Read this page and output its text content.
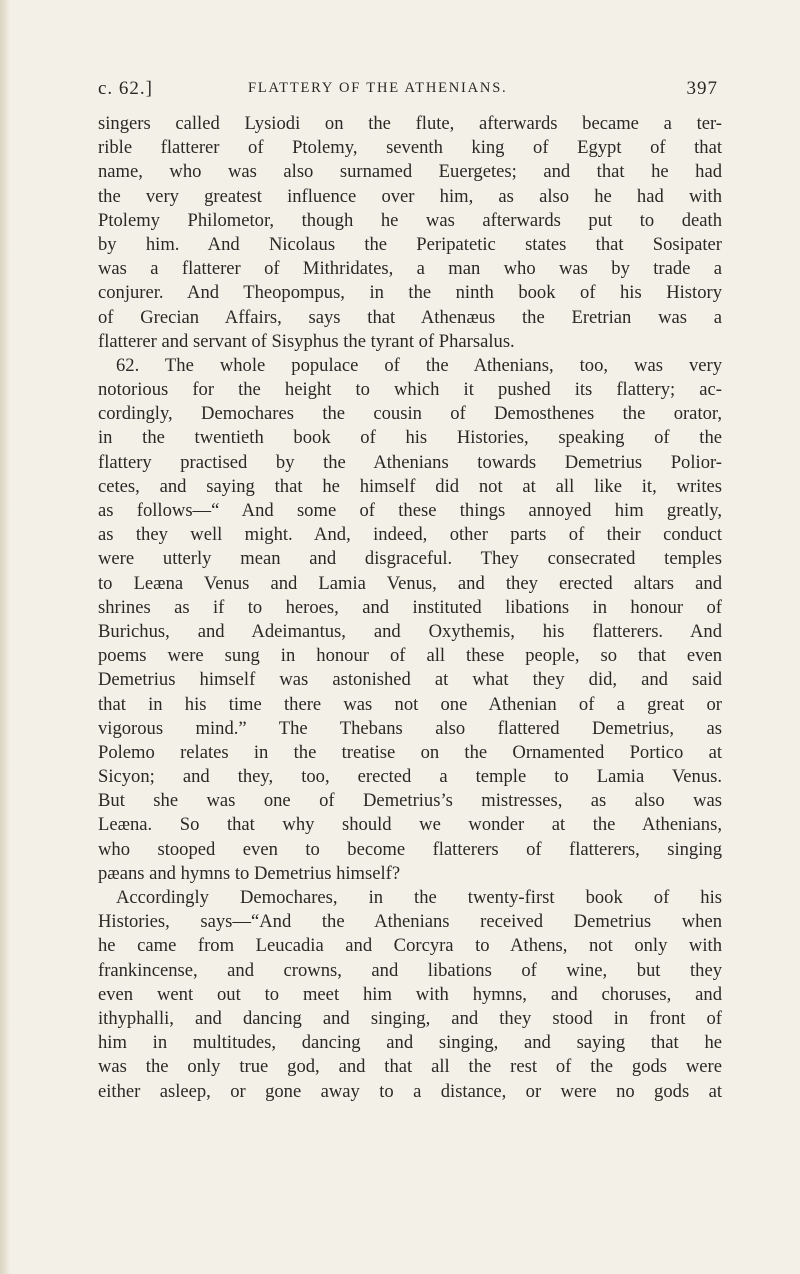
c. 62.]	FLATTERY OF THE ATHENIANS.	397
singers called Lysiodi on the flute, afterwards became a ter-
rible flatterer of Ptolemy, seventh king of Egypt of that
name, who was also surnamed Euergetes; and that he had
the very greatest influence over him, as also he had with
Ptolemy Philometor, though he was afterwards put to death
by him. And Nicolaus the Peripatetic states that Sosipater
was a flatterer of Mithridates, a man who was by trade a
conjurer. And Theopompus, in the ninth book of his History
of Grecian Affairs, says that Athenæus the Eretrian was a
flatterer and servant of Sisyphus the tyrant of Pharsalus.
62. The whole populace of the Athenians, too, was very
notorious for the height to which it pushed its flattery; ac-
cordingly, Demochares the cousin of Demosthenes the orator,
in the twentieth book of his Histories, speaking of the
flattery practised by the Athenians towards Demetrius Polior-
cetes, and saying that he himself did not at all like it, writes
as follows—“ And some of these things annoyed him greatly,
as they well might. And, indeed, other parts of their conduct
were utterly mean and disgraceful. They consecrated temples
to Leæna Venus and Lamia Venus, and they erected altars and
shrines as if to heroes, and instituted libations in honour of
Burichus, and Adeimantus, and Oxythemis, his flatterers. And
poems were sung in honour of all these people, so that even
Demetrius himself was astonished at what they did, and said
that in his time there was not one Athenian of a great or
vigorous mind.” The Thebans also flattered Demetrius, as
Polemo relates in the treatise on the Ornamented Portico at
Sicyon; and they, too, erected a temple to Lamia Venus.
But she was one of Demetrius’s mistresses, as also was
Leæna. So that why should we wonder at the Athenians,
who stooped even to become flatterers of flatterers, singing
pæans and hymns to Demetrius himself?
Accordingly Demochares, in the twenty-first book of his
Histories, says—“And the Athenians received Demetrius when
he came from Leucadia and Corcyra to Athens, not only with
frankincense, and crowns, and libations of wine, but they
even went out to meet him with hymns, and choruses, and
ithyphalli, and dancing and singing, and they stood in front of
him in multitudes, dancing and singing, and saying that he
was the only true god, and that all the rest of the gods were
either asleep, or gone away to a distance, or were no gods at
